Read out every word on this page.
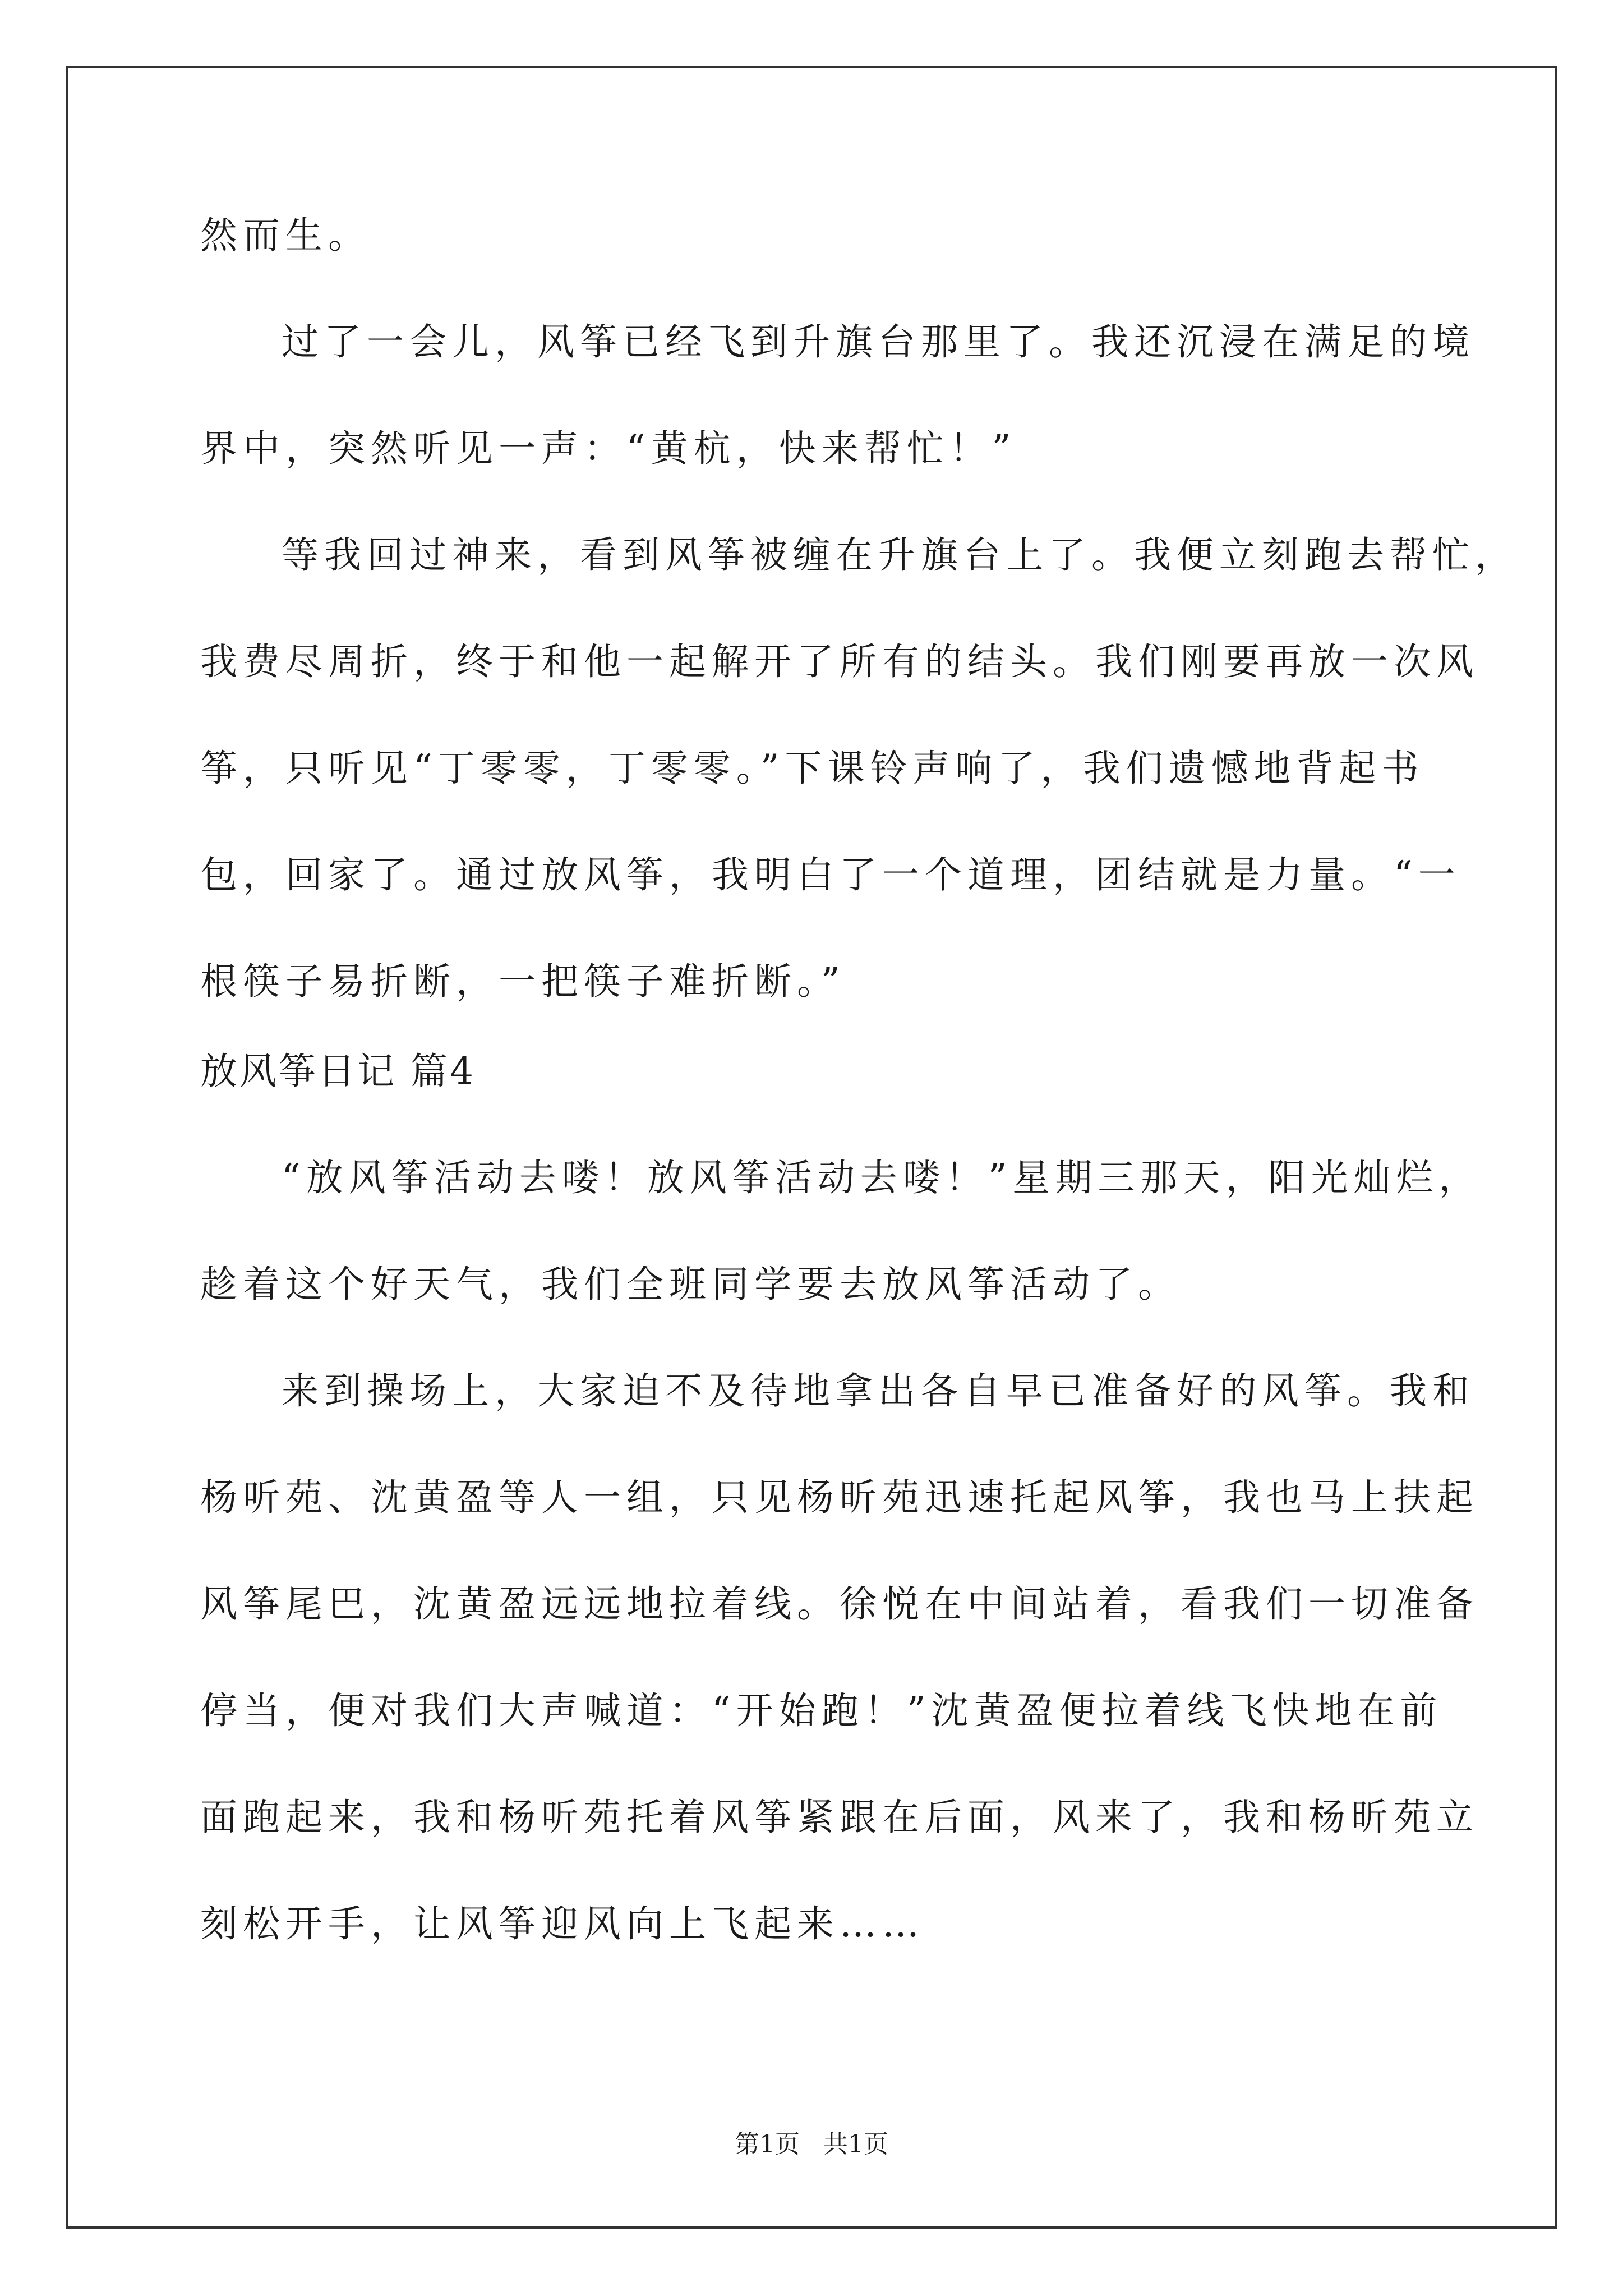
然而生。
过了一会儿，风筝已经飞到升旗台那里了。我还沉浸在满足的境
界中，突然听见一声：“黄杭，快来帮忙！”
等我回过神来，看到风筝被缠在升旗台上了。我便立刻跑去帮忙，
我费尽周折，终于和他一起解开了所有的结头。我们刚要再放一次风
筝，只听见“丁零零，丁零零。”下课铃声响了，我们遗憾地背起书
包，回家了。通过放风筝，我明白了一个道理，团结就是力量。“一
根筷子易折断，一把筷子难折断。”
放风筝日记 篇4
“放风筝活动去喽！放风筝活动去喽！”星期三那天，阳光灿烂，
趁着这个好天气，我们全班同学要去放风筝活动了。
来到操场上，大家迫不及待地拿出各自早已准备好的风筝。我和
杨听苑、沈黄盈等人一组，只见杨昕苑迅速托起风筝，我也马上扶起
风筝尾巴，沈黄盈远远地拉着线。徐悦在中间站着，看我们一切准备
停当，便对我们大声喊道：“开始跑！”沈黄盈便拉着线飞快地在前
面跑起来，我和杨听苑托着风筝紧跟在后面，风来了，我和杨昕苑立
刻松开手，让风筝迎风向上飞起来……
第1页 共1页
